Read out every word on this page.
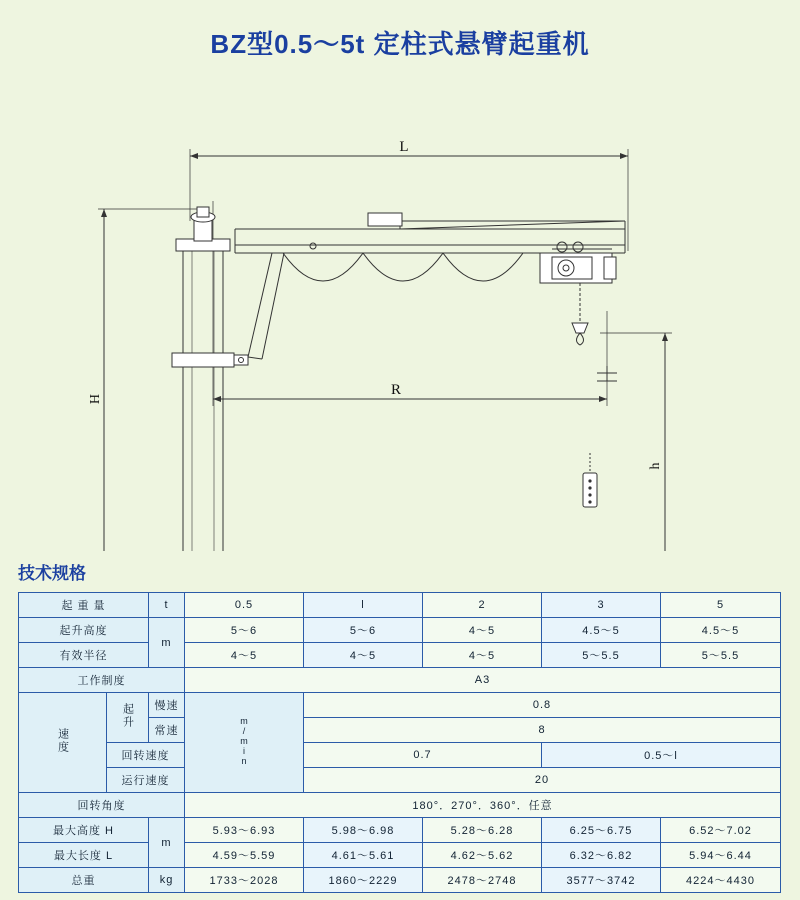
BZ型0.5～5t 定柱式悬臂起重机
L
R
H
h
技术规格
起 重 量		t	0.5	l	2	3	5
起升高度		m	5～6	5～6	4～5	4.5～5	4.5～5
有效半径			4～5	4～5	4～5	5～5.5	5～5.5
工作制度			A3				
速度	起升	慢速	m/min	0.8			
		常速		8			
	回转速度			0.7		0.5～l	
	运行速度			20			
回转角度			180°．270°．360°．任意				
最大高度 H		m	5.93～6.93	5.98～6.98	5.28～6.28	6.25～6.75	6.52～7.02
最大长度 L			4.59～5.59	4.61～5.61	4.62～5.62	6.32～6.82	5.94～6.44
总重		kg	1733～2028	1860～2229	2478～2748	3577～3742	4224～4430
